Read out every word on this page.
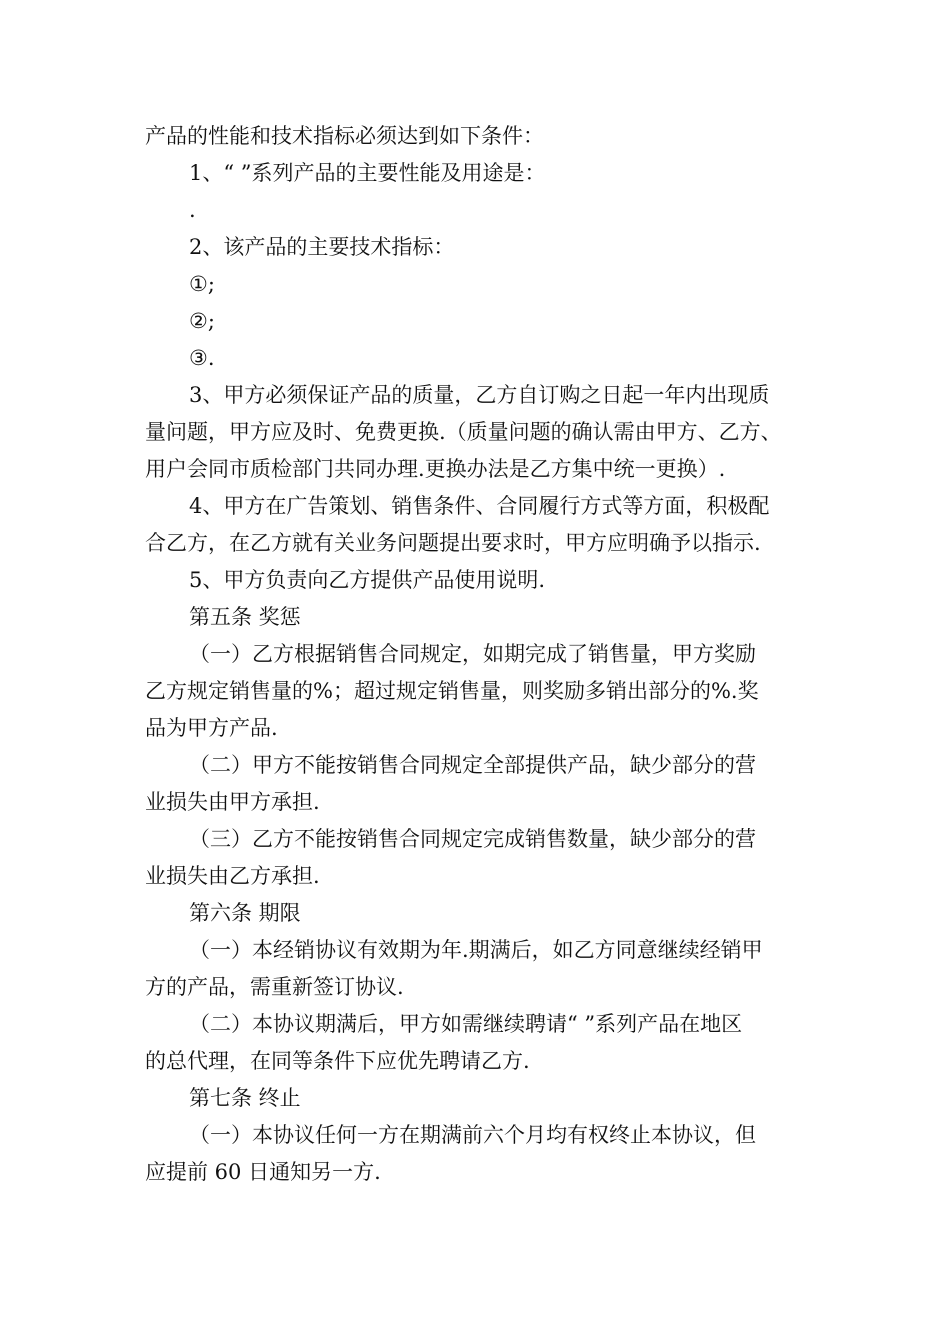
产品的性能和技术指标必须达到如下条件：

1、“ ”系列产品的主要性能及用途是：

.

2、该产品的主要技术指标：

①;

②;

③.

3、甲方必须保证产品的质量，乙方自订购之日起一年内出现质

量问题，甲方应及时、免费更换.（质量问题的确认需由甲方、乙方、

用户会同市质检部门共同办理.更换办法是乙方集中统一更换）.

4、甲方在广告策划、销售条件、合同履行方式等方面，积极配

合乙方，在乙方就有关业务问题提出要求时，甲方应明确予以指示.

5、甲方负责向乙方提供产品使用说明.

第五条 奖惩

（一）乙方根据销售合同规定，如期完成了销售量，甲方奖励

乙方规定销售量的%；超过规定销售量，则奖励多销出部分的%.奖

品为甲方产品.

（二）甲方不能按销售合同规定全部提供产品，缺少部分的营

业损失由甲方承担.

（三）乙方不能按销售合同规定完成销售数量，缺少部分的营

业损失由乙方承担.

第六条 期限

（一）本经销协议有效期为年.期满后，如乙方同意继续经销甲

方的产品，需重新签订协议.

（二）本协议期满后，甲方如需继续聘请“ ”系列产品在地区

的总代理，在同等条件下应优先聘请乙方.

第七条 终止

（一）本协议任何一方在期满前六个月均有权终止本协议，但

应提前 60 日通知另一方.
